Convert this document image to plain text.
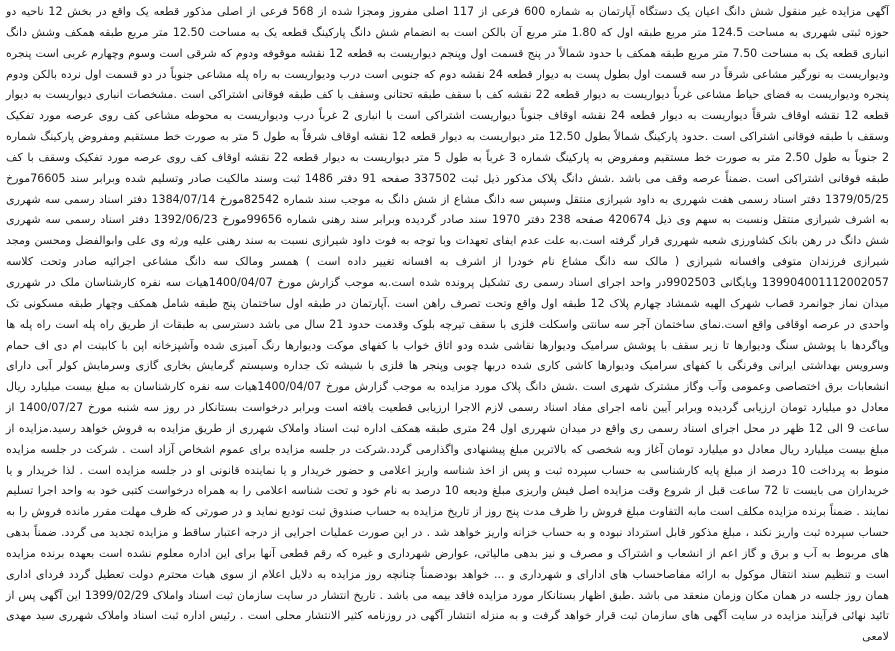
آگهی مزایده غیر منقول شش دانگ اعیان یک دستگاه آپارتمان به شماره 600 فرعی از 117 اصلی مفروز ومجزا شده از 568 فرعی از اصلی مذکور قطعه یک واقع در بخش 12 ناحیه دو حوزه ثبتی شهرری به مساحت 124.5 متر مربع طبقه اول که 1.80 متر مربع آن بالکن است به انضمام شش دانگ پارکینگ قطعه یک به مساحت 12.50 متر مربع طبقه همکف وشش دانگ انباری قطعه یک به مساحت 7.50 متر مربع طبقه همکف با حدود شمالاً در پنج قسمت اول وپنجم دیواریست به قطعه 12 نقشه موقوفه ودوم که شرقی است وسوم وچهارم غربی است پنجره ودیواریست به نورگیر مشاعی شرقاً در سه قسمت اول بطول پست به دیوار قطعه 24 نقشه دوم که جنوبی است درب ودیواریست به راه پله مشاعی جنوباً در دو قسمت اول نرده بالکن ودوم پنجره ودیواریست به فضای حیاط مشاعی غرباً دیواریست به دیوار قطعه 22 نقشه کف با سقف طبقه تحتانی وسقف با کف طبقه فوقانی اشتراکی است .مشخصات انباری دیواریست به دیوار قطعه 12 نقشه اوقاف شرقاً دیواریست به دیوار قطعه 24 نقشه اوقاف جنوباً دیواریست اشتراکی است با انباری 2 غرباً درب ودیواریست به محوطه مشاعی کف روی عرصه مورد تفکیک وسقف با طبقه فوقانی اشتراکی است .حدود پارکینگ شمالاً بطول 12.50 متر دیواریست به دیوار قطعه 12 نقشه اوقاف شرقاً به طول 5 متر به صورت خط مستقیم ومفروض پارکینگ شماره 2 جنوباً به طول 2.50 متر به صورت خط مستقیم ومفروض به پارکینگ شماره 3 غرباً به طول 5 متر دیواریست به دیوار قطعه 22 نقشه اوقاف کف روی عرصه مورد تفکیک وسقف با کف طبقه فوقانی اشتراکی است .ضمناً عرصه وقف می باشد .شش دانگ پلاک مذکور ذیل ثبت 337502 صفحه 91 دفتر 1486 ثبت وسند مالکیت صادر وتسلیم شده وبرابر سند 76605مورخ 1379/05/25 دفتر اسناد رسمی هفت شهرری به داود شیرازی منتقل وسپس سه دانگ مشاع از شش دانگ به موجب سند شماره 82542مورخ 1384/07/14 دفتر اسناد رسمی سه شهرری به اشرف شیرازی منتقل ونسبت به سهم وی ذیل 420674 صفحه 238 دفتر 1970 سند صادر گردیده وبرابر سند رهنی شماره 99656مورخ 1392/06/23 دفتر اسناد رسمی سه شهرری شش دانگ در رهن بانک کشاورزی شعبه شهرری قرار گرفته است.به علت عدم ایفای تعهدات وبا توجه به فوت داود شیرازی نسبت به سند رهنی علیه ورثه وی علی وابوالفضل ومحسن ومجد شیرازی فرزندان متوفی وافسانه شیرازی ( مالک سه دانگ مشاع نام خودرا از اشرف به افسانه تغییر داده است ) همسر ومالک سه دانگ مشاعی اجرائیه صادر وتحت کلاسه 139904001112002057 وبایگانی 9902503در واحد اجرای اسناد رسمی ری تشکیل پرونده شده است.به موجب گزارش مورخ 1400/04/07هیات سه نفره کارشناسان ملک در شهرری میدان نماز جوانمرد قصاب شهرک الهیه شمشاد چهارم پلاک 12 طبقه اول واقع وتحت تصرف راهن است .آپارتمان در طبقه اول ساختمان پنج طبقه شامل همکف وچهار طبقه مسکونی تک واحدی در عرصه اوقافی واقع است.نمای ساختمان آجر سه سانتی واسکلت فلزی با سقف تیرچه بلوک وقدمت حدود 21 سال می باشد دسترسی به طبقات از طریق راه پله است راه پله ها وپاگردها با پوشش سنگ ودیوارها تا زیر سقف با پوشش سرامیک ودیوارها نقاشی شده ودو اتاق خواب با کفهای موکت ودیوارها رنگ آمیزی شده وآشپزخانه اپن با کابینت ام دی اف حمام وسرویس بهداشتی ایرانی وفرنگی با کفهای سرامیک ودیوارها کاشی کاری شده دربها چوبی وپنجر ها فلزی با شیشه تک جداره وسیستم گرمایش بخاری گازی وسرمایش کولر آبی دارای انشعابات برق اختصاصی وعمومی وآب وگاز مشترک شهری است .شش دانگ پلاک مورد مزایده به موجب گزارش مورخ 1400/04/07هیات سه نفره کارشناسان به مبلغ بیست میلیارد ریال معادل دو میلیارد تومان ارزیابی گردیده وبرابر آیین نامه اجرای مفاد اسناد رسمی لازم الاجرا ارزیابی قطعیت یافته است وبرابر درخواست بستانکار در روز سه شنبه مورخ 1400/07/27 از ساعت 9 الی 12 ظهر در محل اجرای اسناد رسمی ری واقع در میدان شهرری اول 24 متری طبقه همکف اداره ثبت اسناد واملاک شهرری از طریق مزایده به فروش خواهد رسید.مزایده از مبلغ بیست میلیارد ریال معادل دو میلیارد تومان آغاز وبه شخصی که بالاترین مبلغ پیشنهادی واگذارمی گردد.شرکت در جلسه مزایده برای عموم اشخاص آزاد است . شرکت در جلسه مزایده منوط به پرداخت 10 درصد از مبلغ پایه کارشناسی به حساب سپرده ثبت و پس از اخذ شناسه واریز اعلامی و حضور خریدار و یا نماینده قانونی او در جلسه مزایده است . لذا خریدار و یا خریداران می بایست تا 72 ساعت قبل از شروع وقت مزایده اصل فیش واریزی مبلغ ودیعه 10 درصد به نام خود و تحت شناسه اعلامی را به همراه درخواست کتبی خود به واحد اجرا تسلیم نمایند . ضمناً برنده مزایده مکلف است مابه التفاوت مبلغ فروش را ظرف مدت پنج روز از تاریخ مزایده به حساب صندوق ثبت تودیع نماید و در صورتی که ظرف مهلت مقرر مانده فروش را به حساب سپرده ثبت واریز نکند ، مبلغ مذکور قابل استرداد نبوده و به حساب خزانه واریز خواهد شد . در این صورت عملیات اجرایی از درجه اعتبار ساقط و مزایده تجدید می گردد. ضمناً بدهی های مربوط به آب و برق و گاز اعم از انشعاب و اشتراک و مصرف و نیز بدهی مالیاتی، عوارض شهرداری و غیره که رقم قطعی آنها برای این اداره معلوم نشده است بعهده برنده مزایده است و تنظیم سند انتقال موکول به ارائه مفاصاحساب های ادارای و شهرداری و ... خواهد بودضمناً چنانچه روز مزایده به دلایل اعلام از سوی هیات محترم دولت تعطیل گردد فردای اداری همان روز جلسه در همان مکان وزمان منعقد می باشد .طبق اظهار بستانکار مورد مزایده فاقد بیمه می باشد . تاریخ انتشار در سایت سازمان ثبت اسناد واملاک 1399/02/29 این آگهی پس از تائید نهائی فرآیند مزایده در سایت آگهی های سازمان ثبت قرار خواهد گرفت و به منزله انتشار آگهی در روزنامه کثیر الانتشار محلی است . رئیس اداره ثبت اسناد واملاک شهرری سید مهدی لامعی
